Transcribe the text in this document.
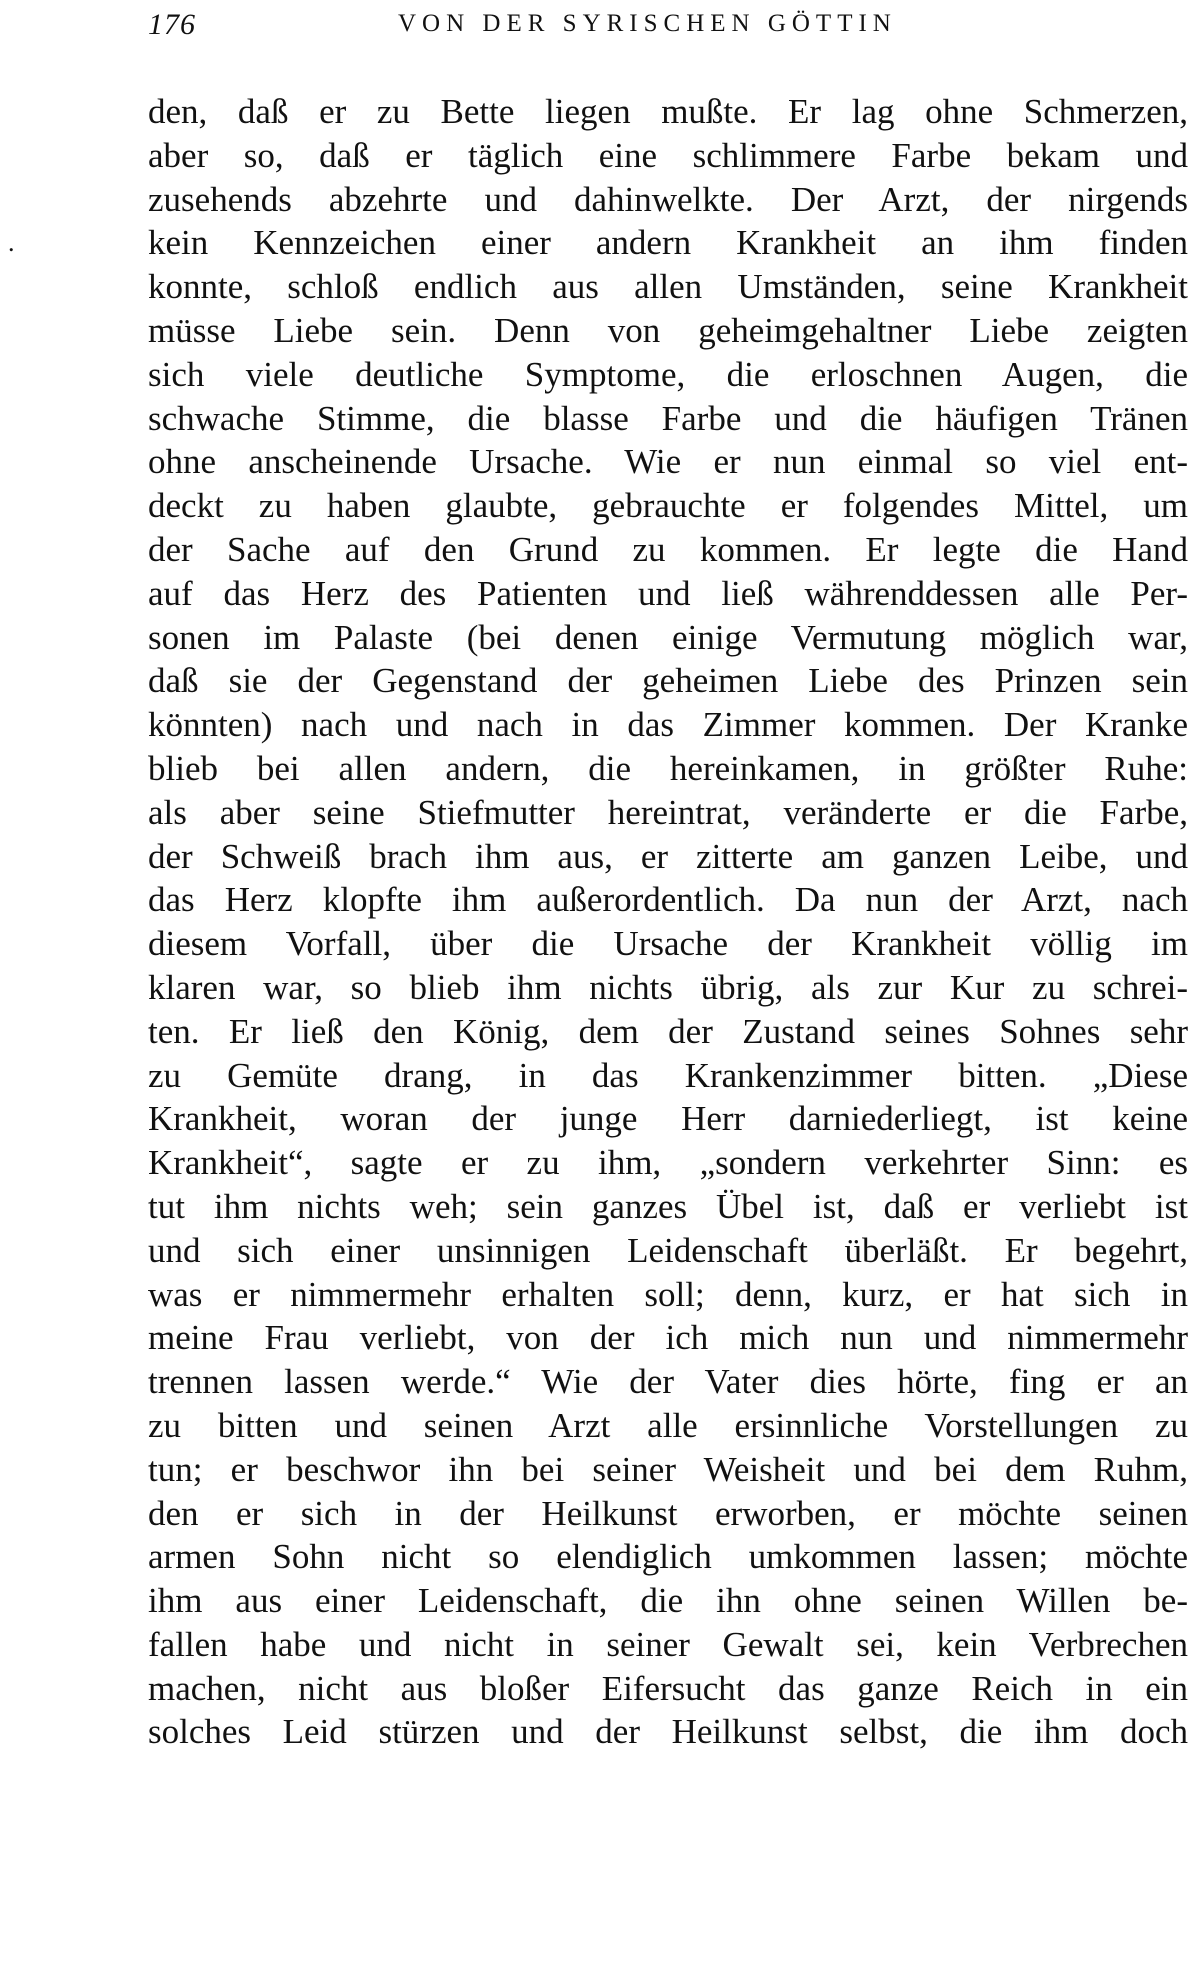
176	VON DER SYRISCHEN GÖTTIN
.
den, daß er zu Bette liegen mußte. Er lag ohne Schmerzen,
aber so, daß er täglich eine schlimmere Farbe bekam und
zusehends abzehrte und dahinwelkte. Der Arzt, der nirgends
kein Kennzeichen einer andern Krankheit an ihm finden
konnte, schloß endlich aus allen Umständen, seine Krankheit
müsse Liebe sein. Denn von geheimgehaltner Liebe zeigten
sich viele deutliche Symptome, die erloschnen Augen, die
schwache Stimme, die blasse Farbe und die häufigen Tränen
ohne anscheinende Ursache. Wie er nun einmal so viel ent-
deckt zu haben glaubte, gebrauchte er folgendes Mittel, um
der Sache auf den Grund zu kommen. Er legte die Hand
auf das Herz des Patienten und ließ währenddessen alle Per-
sonen im Palaste (bei denen einige Vermutung möglich war,
daß sie der Gegenstand der geheimen Liebe des Prinzen sein
könnten) nach und nach in das Zimmer kommen. Der Kranke
blieb bei allen andern, die hereinkamen, in größter Ruhe:
als aber seine Stiefmutter hereintrat, veränderte er die Farbe,
der Schweiß brach ihm aus, er zitterte am ganzen Leibe, und
das Herz klopfte ihm außerordentlich. Da nun der Arzt, nach
diesem Vorfall, über die Ursache der Krankheit völlig im
klaren war, so blieb ihm nichts übrig, als zur Kur zu schrei-
ten. Er ließ den König, dem der Zustand seines Sohnes sehr
zu Gemüte drang, in das Krankenzimmer bitten. „Diese
Krankheit, woran der junge Herr darniederliegt, ist keine
Krankheit“, sagte er zu ihm, „sondern verkehrter Sinn: es
tut ihm nichts weh; sein ganzes Übel ist, daß er verliebt ist
und sich einer unsinnigen Leidenschaft überläßt. Er begehrt,
was er nimmermehr erhalten soll; denn, kurz, er hat sich in
meine Frau verliebt, von der ich mich nun und nimmermehr
trennen lassen werde.“ Wie der Vater dies hörte, fing er an
zu bitten und seinen Arzt alle ersinnliche Vorstellungen zu
tun; er beschwor ihn bei seiner Weisheit und bei dem Ruhm,
den er sich in der Heilkunst erworben, er möchte seinen
armen Sohn nicht so elendiglich umkommen lassen; möchte
ihm aus einer Leidenschaft, die ihn ohne seinen Willen be-
fallen habe und nicht in seiner Gewalt sei, kein Verbrechen
machen, nicht aus bloßer Eifersucht das ganze Reich in ein
solches Leid stürzen und der Heilkunst selbst, die ihm doch
